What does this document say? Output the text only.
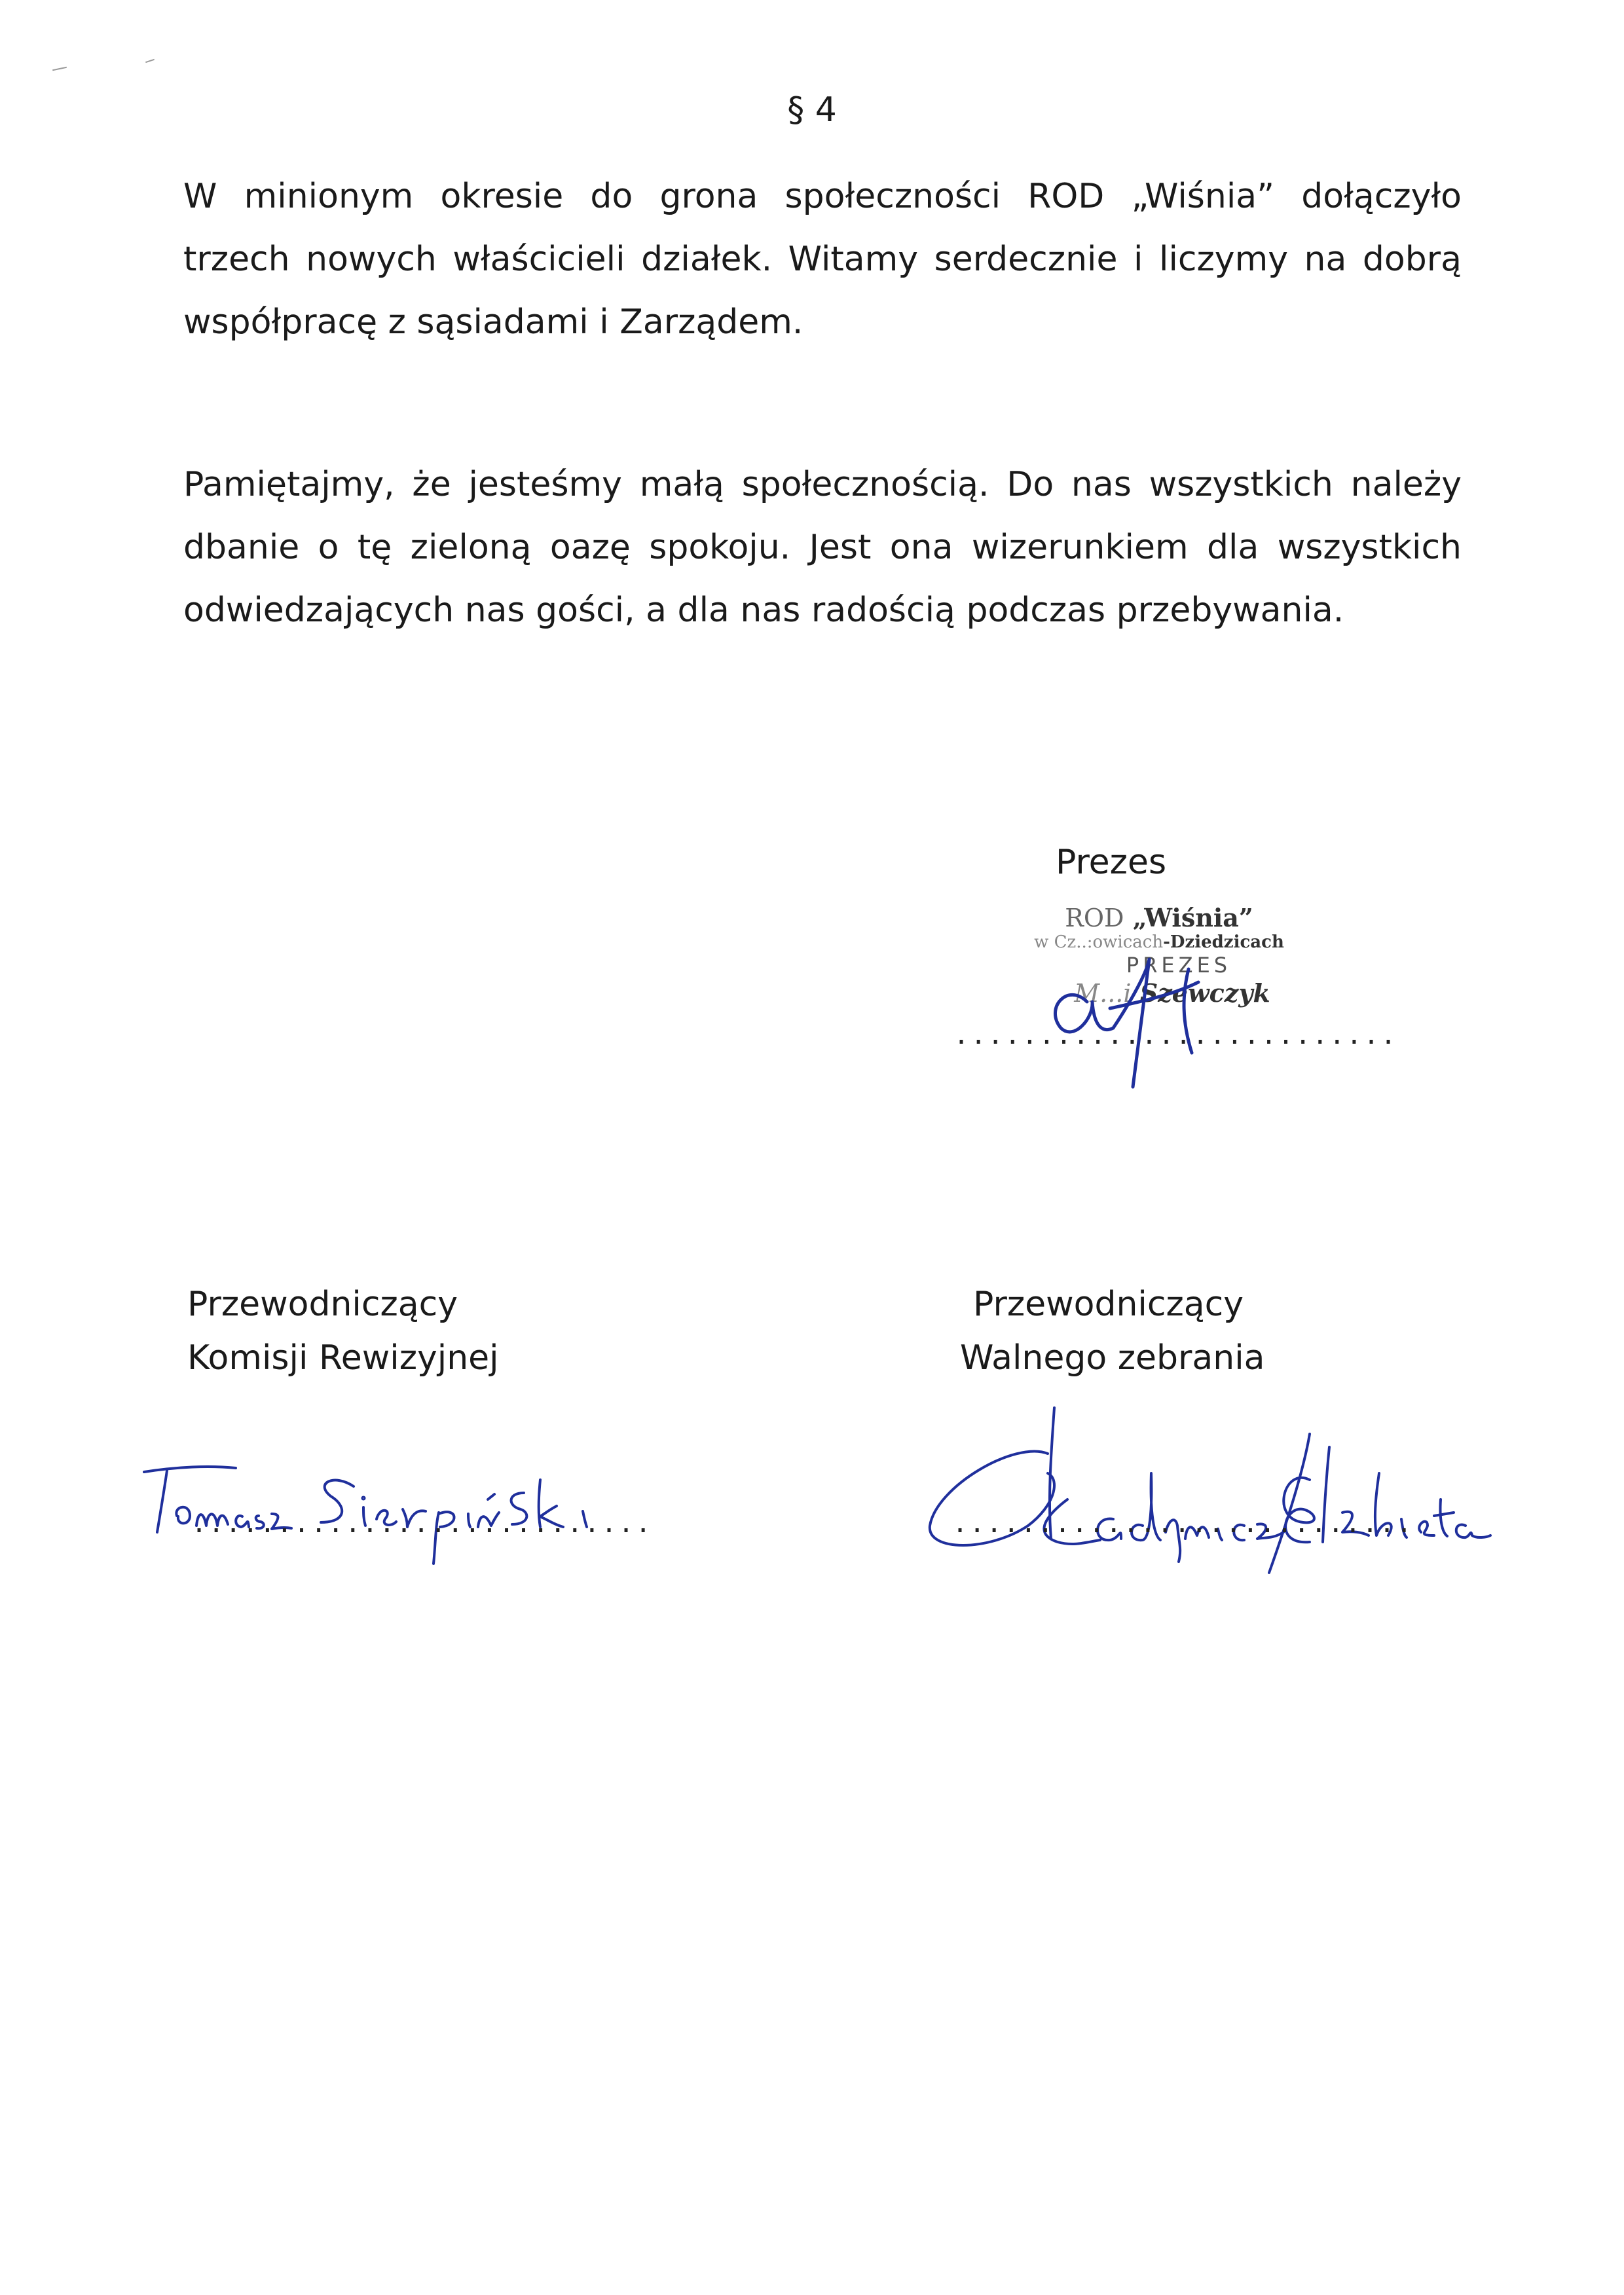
§ 4
W minionym okresie do grona społeczności ROD „Wiśnia” dołączyło
trzech nowych właścicieli działek. Witamy serdecznie i liczymy na dobrą
współpracę z sąsiadami i Zarządem.
Pamiętajmy, że jesteśmy małą społecznością. Do nas wszystkich należy
dbanie o tę zieloną oazę spokoju. Jest ona wizerunkiem dla wszystkich
odwiedzających nas gości, a dla nas radością podczas przebywania.
Prezes
ROD „Wiśnia”
w Cz..:owicach-Dziedzicach
PREZES
M...i Szewczyk
..........................
Przewodniczący
Komisji Rewizyjnej
...........................
Przewodniczący
Walnego zebrania
...........................
